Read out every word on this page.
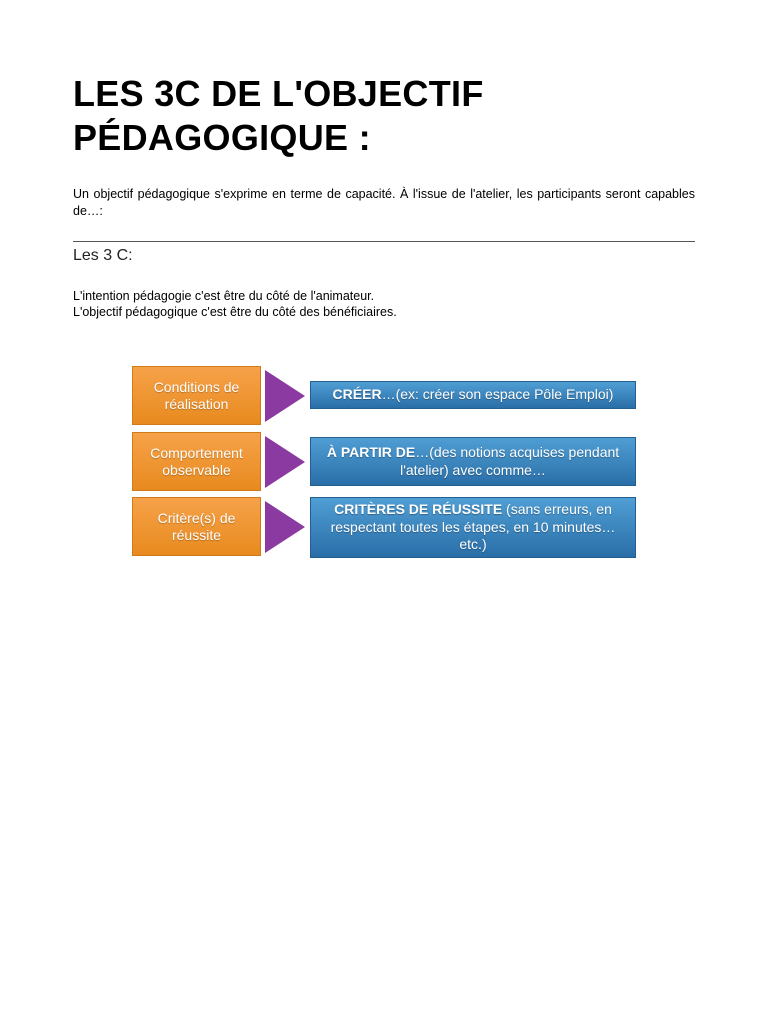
LES 3C DE L'OBJECTIF
PÉDAGOGIQUE :

Un objectif pédagogique s'exprime en terme de capacité. À l'issue de l'atelier, les participants seront capables de…:

Les 3 C:

L'intention pédagogie c'est être du côté de l'animateur.
L'objectif pédagogique c'est être du côté des bénéficiaires.

Conditions de
réalisation
CRÉER…(ex: créer son espace Pôle Emploi)
Comportement
observable
À PARTIR DE…(des notions acquises pendant l'atelier) avec comme…
Critère(s) de
réussite
CRITÈRES DE RÉUSSITE (sans erreurs, en respectant toutes les étapes, en 10 minutes…etc.)
